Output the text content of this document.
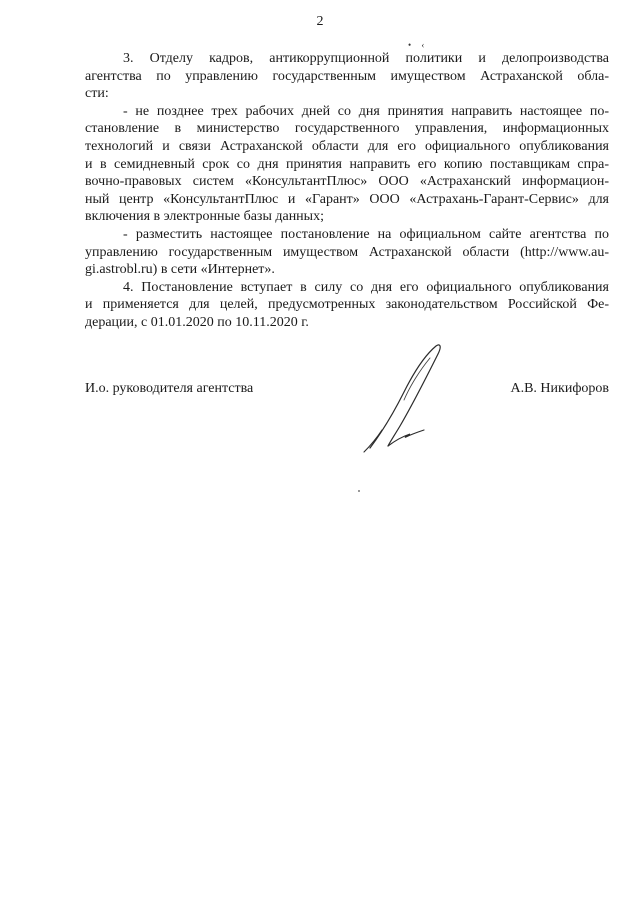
2
• ‹

3. Отделу кадров, антикоррупционной политики и делопроизводства
агентства по управлению государственным имуществом Астраханской обла-
сти:

- не позднее трех рабочих дней со дня принятия направить настоящее по-
становление в министерство государственного управления, информационных
технологий и связи Астраханской области для его официального опубликования
и в семидневный срок со дня принятия направить его копию поставщикам спра-
вочно-правовых систем «КонсультантПлюс» ООО «Астраханский информацион-
ный центр «КонсультантПлюс и «Гарант» ООО «Астрахань-Гарант-Сервис» для
включения в электронные базы данных;

- разместить настоящее постановление на официальном сайте агентства по
управлению государственным имуществом Астраханской области (http://www.au-
gi.astrobl.ru) в сети «Интернет».

4. Постановление вступает в силу со дня его официального опубликования
и применяется для целей, предусмотренных законодательством Российской Фе-
дерации, с 01.01.2020 по 10.11.2020 г.

И.о. руководителя агентства	А.В. Никифоров
